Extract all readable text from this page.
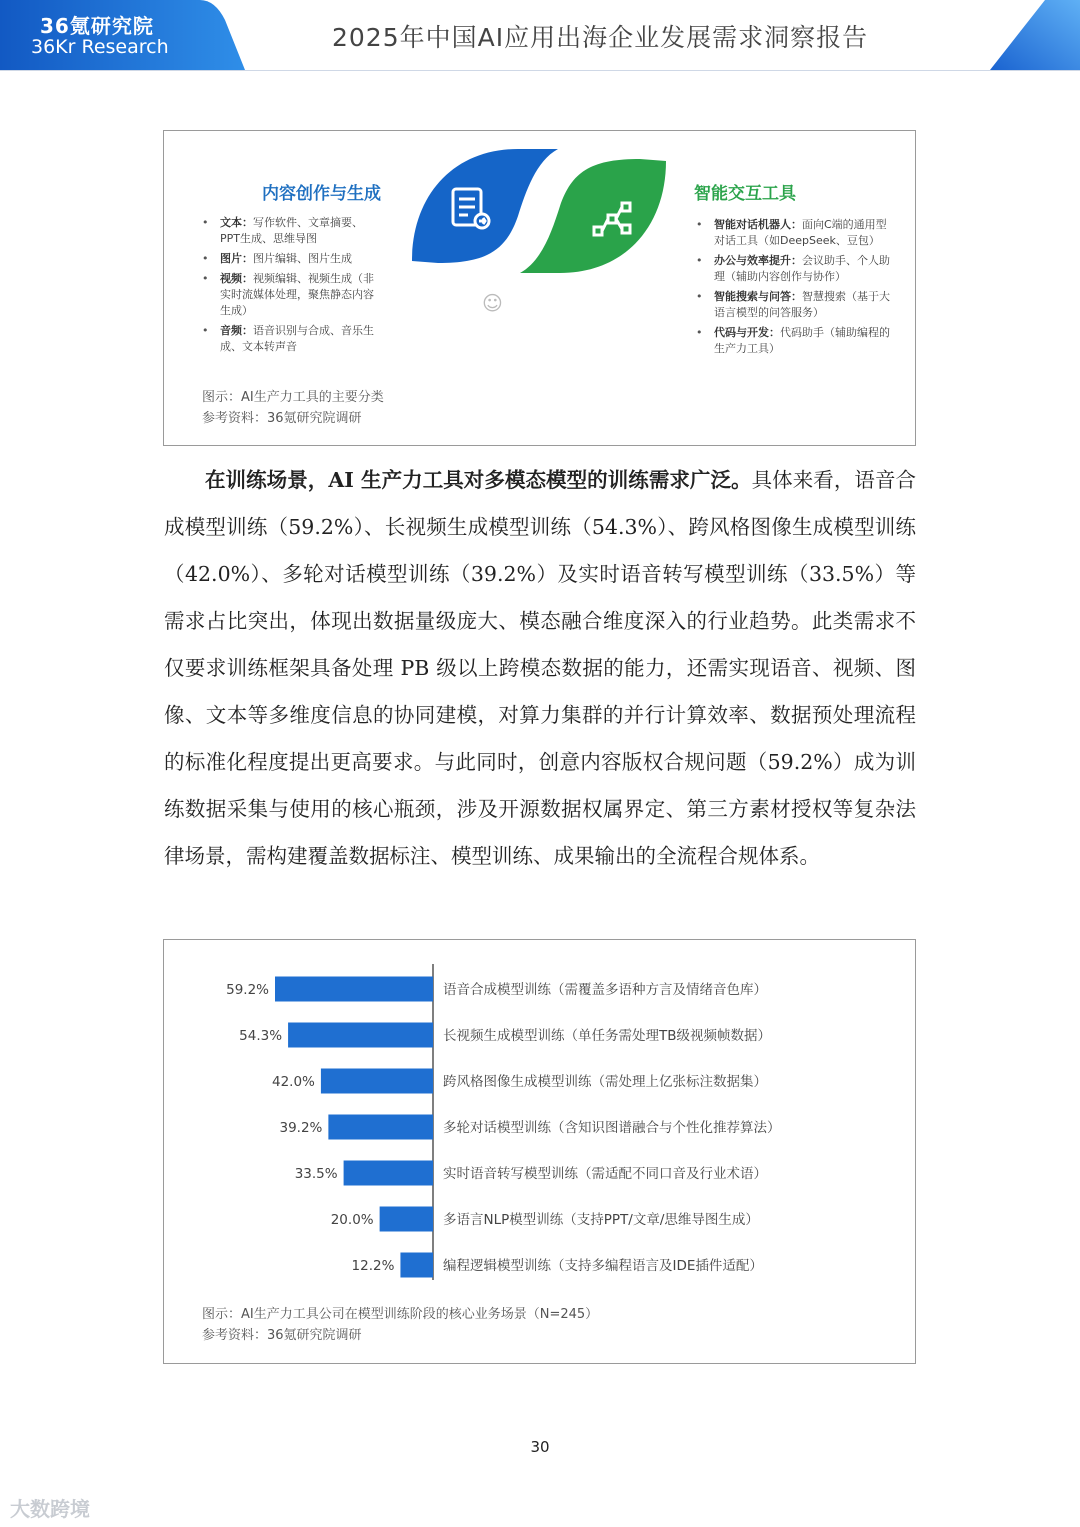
36氪研究院
36Kr Research	2025年中国AI应用出海企业发展需求洞察报告
☺
内容创作与生成	智能交互工具
• 文本：写作软件、文章摘要、PPT生成、思维导图
• 图片：图片编辑、图片生成
• 视频：视频编辑、视频生成（非实时流媒体处理，聚焦静态内容生成）
• 音频：语音识别与合成、音乐生成、文本转声音
• 智能对话机器人：面向C端的通用型对话工具（如DeepSeek、豆包）
• 办公与效率提升：会议助手、个人助理（辅助内容创作与协作）
• 智能搜索与问答：智慧搜索（基于大语言模型的问答服务）
• 代码与开发：代码助手（辅助编程的生产力工具）
图示：AI生产力工具的主要分类
参考资料：36氪研究院调研

在训练场景，AI 生产力工具对多模态模型的训练需求广泛。具体来看，语音合成模型训练（59.2%）、长视频生成模型训练（54.3%）、跨风格图像生成模型训练（42.0%）、多轮对话模型训练（39.2%）及实时语音转写模型训练（33.5%）等需求占比突出，体现出数据量级庞大、模态融合维度深入的行业趋势。此类需求不仅要求训练框架具备处理 PB 级以上跨模态数据的能力，还需实现语音、视频、图像、文本等多维度信息的协同建模，对算力集群的并行计算效率、数据预处理流程的标准化程度提出更高要求。与此同时，创意内容版权合规问题（59.2%）成为训练数据采集与使用的核心瓶颈，涉及开源数据权属界定、第三方素材授权等复杂法律场景，需构建覆盖数据标注、模型训练、成果输出的全流程合规体系。

59.2%	语音合成模型训练（需覆盖多语种方言及情绪音色库）
54.3%	长视频生成模型训练（单任务需处理TB级视频帧数据）
42.0%	跨风格图像生成模型训练（需处理上亿张标注数据集）
39.2%	多轮对话模型训练（含知识图谱融合与个性化推荐算法）
33.5%	实时语音转写模型训练（需适配不同口音及行业术语）
20.0%	多语言NLP模型训练（支持PPT/文章/思维导图生成）
12.2%	编程逻辑模型训练（支持多编程语言及IDE插件适配）
图示：AI生产力工具公司在模型训练阶段的核心业务场景（N=245）
参考资料：36氪研究院调研
30
大数跨境
